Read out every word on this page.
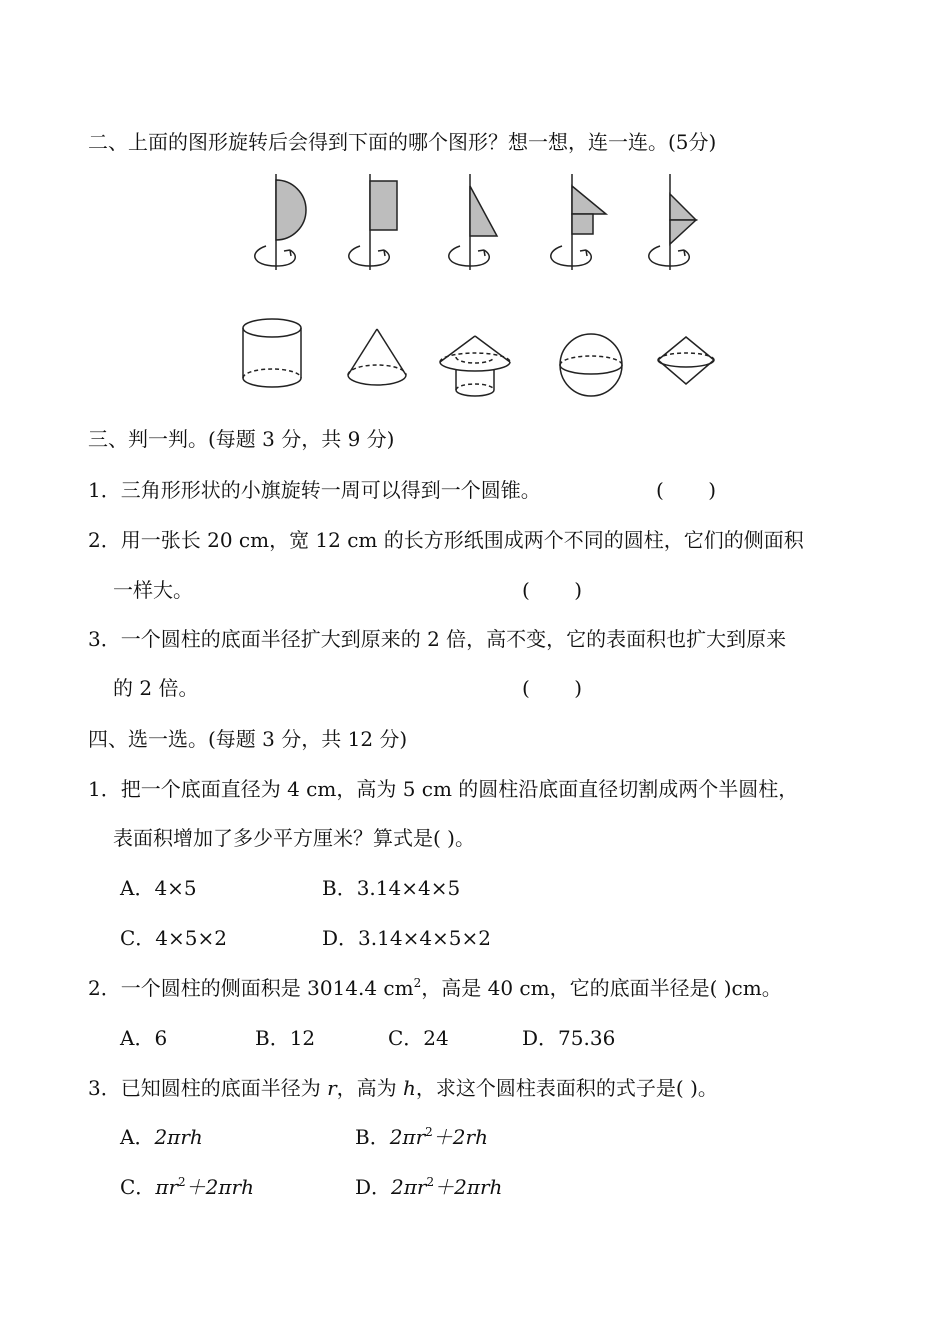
二、上面的图形旋转后会得到下面的哪个图形？想一想，连一连。(5分)
三、判一判。(每题 3 分，共 9 分)
1．三角形形状的小旗旋转一周可以得到一个圆锥。	(       )
2．用一张长 20 cm，宽 12 cm 的长方形纸围成两个不同的圆柱，它们的侧面积
一样大。	(       )
3．一个圆柱的底面半径扩大到原来的 2 倍，高不变，它的表面积也扩大到原来
的 2 倍。	(       )
四、选一选。(每题 3 分，共 12 分)
1．把一个底面直径为 4 cm，高为 5 cm 的圆柱沿底面直径切割成两个半圆柱，
表面积增加了多少平方厘米？算式是( )。
A．4×5	B．3.14×4×5
C．4×5×2	D．3.14×4×5×2
2．一个圆柱的侧面积是 3014.4 $cm^2$，高是 40 cm，它的底面半径是( )cm。
A．6	B．12	C．24	D．75.36
3．已知圆柱的底面半径为 r，高为 h，求这个圆柱表面积的式子是( )。
A．2πrh	B．$2\pi r^2+2rh$
C．$\pi r^2+2\pi rh$	D．$2\pi r^2+2\pi rh$
